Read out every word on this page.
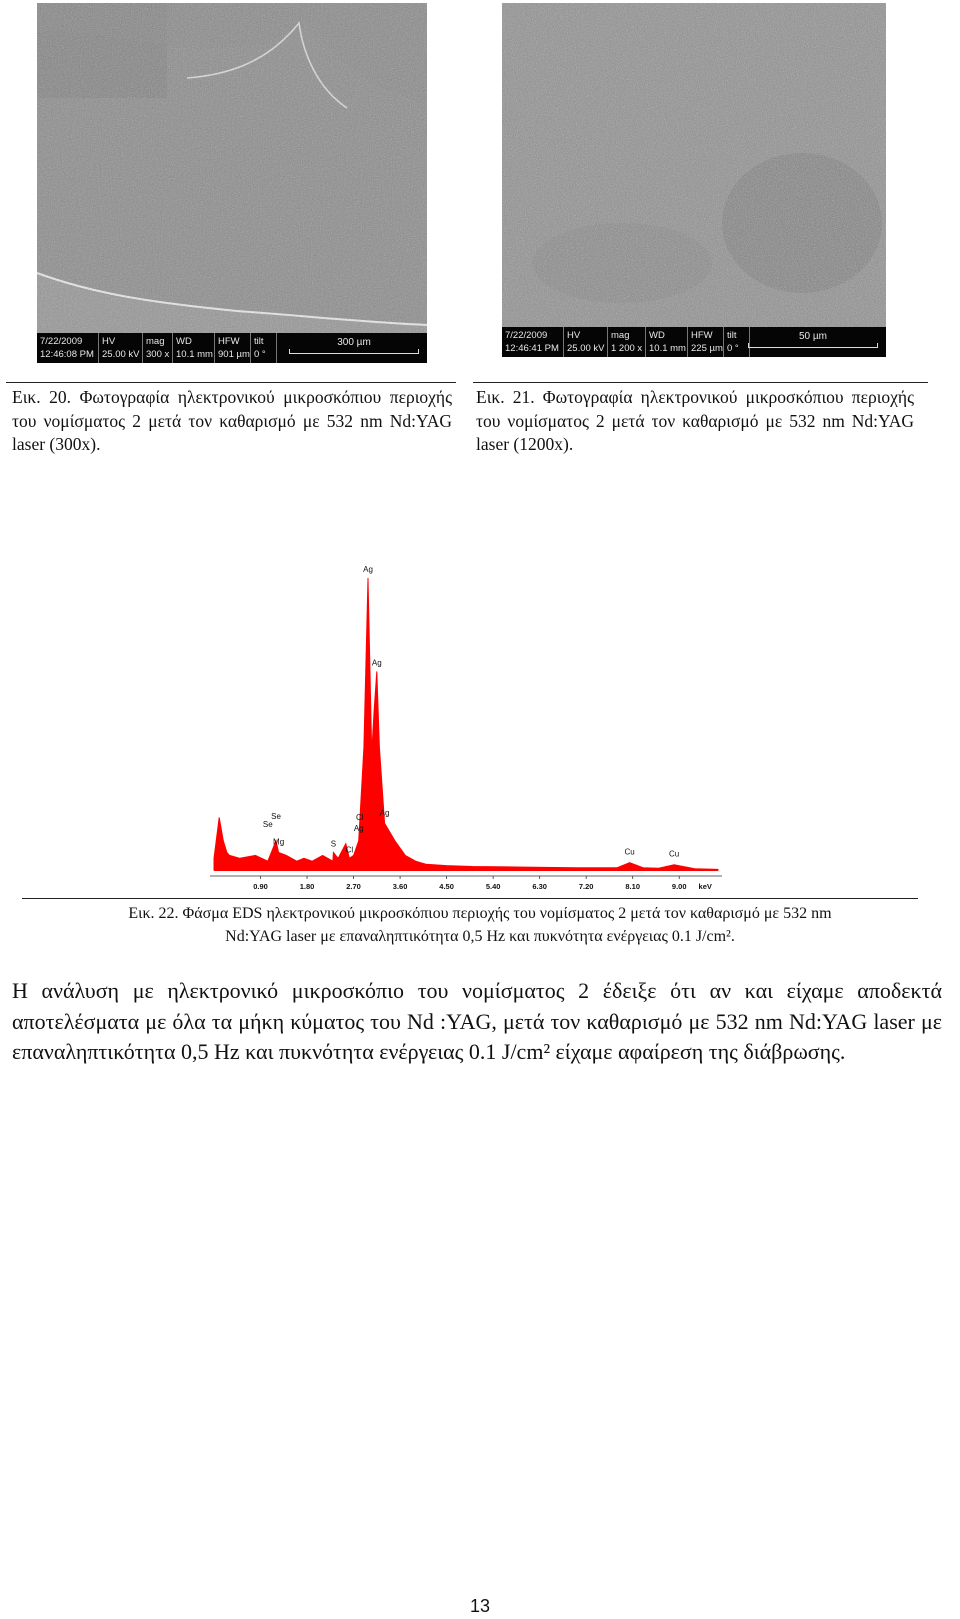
7/22/2009
12:46:08 PM
HV
25.00 kV
mag
300 x
WD
10.1 mm
HFW
901 µm
tilt
0 °
300 µm
7/22/2009
12:46:41 PM
HV
25.00 kV
mag
1 200 x
WD
10.1 mm
HFW
225 µm
tilt
0 °
50 µm
Εικ. 20. Φωτογραφία ηλεκτρονικού μικροσκόπιου περιοχής του νομίσματος 2 μετά τον καθαρισμό με 532 nm Nd:YAG laser (300x).
Εικ. 21. Φωτογραφία ηλεκτρονικού μικροσκόπιου περιοχής του νομίσματος 2 μετά τον καθαρισμό με 532 nm Nd:YAG laser (1200x).
0.90	1.80	2.70	3.60	4.50	5.40	6.30	7.20	8.10	9.00 keV
Ag
Ag
Ag
Cl
Se
Se
Mg	S
Cl
Ag
Cu	Cu
Εικ. 22. Φάσμα EDS ηλεκτρονικού μικροσκόπιου περιοχής του νομίσματος 2 μετά τον καθαρισμό με 532 nm
Nd:YAG laser με επαναληπτικότητα 0,5 Hz και πυκνότητα ενέργειας 0.1 J/cm².
Η ανάλυση με ηλεκτρονικό μικροσκόπιο του νομίσματος 2 έδειξε ότι αν και είχαμε αποδεκτά αποτελέσματα με όλα τα μήκη κύματος του Nd :YAG, μετά τον καθαρισμό με 532 nm Nd:YAG laser με επαναληπτικότητα 0,5 Hz και πυκνότητα ενέργειας 0.1 J/cm² είχαμε αφαίρεση της διάβρωσης.
13
